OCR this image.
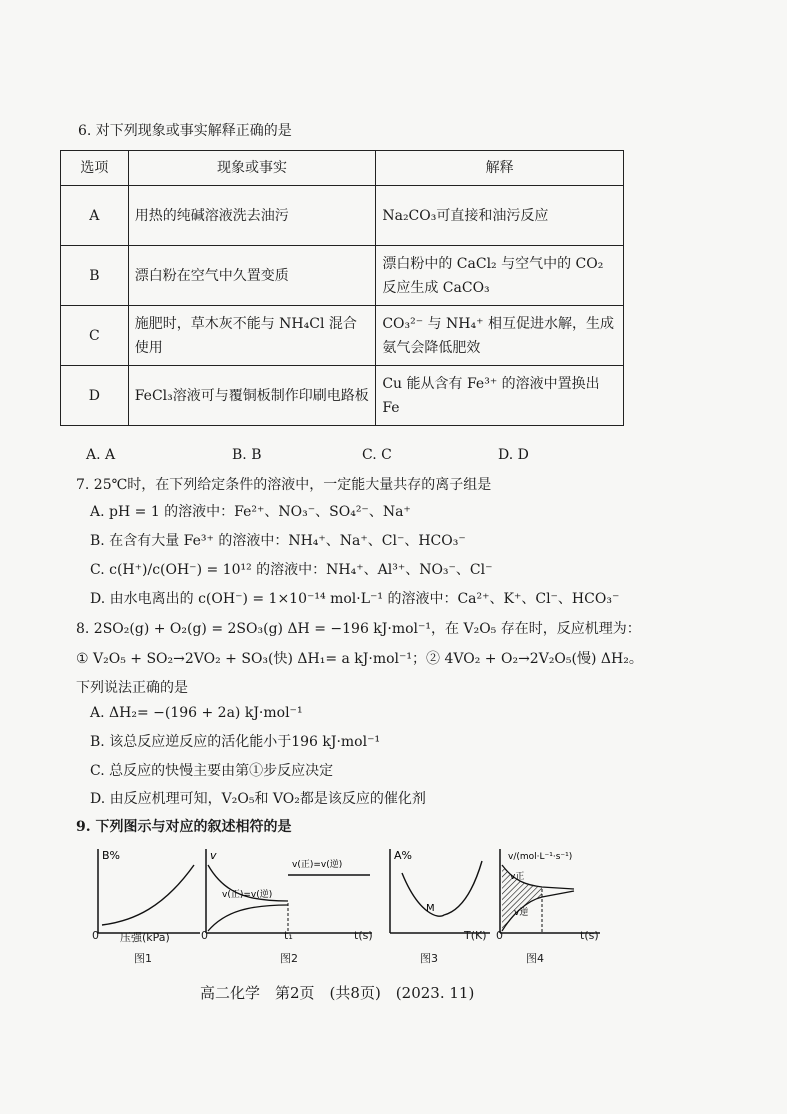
6. 对下列现象或事实解释正确的是
选项	现象或事实	解释
A	用热的纯碱溶液洗去油污	Na₂CO₃可直接和油污反应
B	漂白粉在空气中久置变质	漂白粉中的 CaCl₂ 与空气中的 CO₂ 反应生成 CaCO₃
C	施肥时，草木灰不能与 NH₄Cl 混合使用	CO₃²⁻ 与 NH₄⁺ 相互促进水解，生成氨气会降低肥效
D	FeCl₃溶液可与覆铜板制作印刷电路板	Cu 能从含有 Fe³⁺ 的溶液中置换出 Fe
A. A	B. B	C. C	D. D
7. 25℃时，在下列给定条件的溶液中，一定能大量共存的离子组是
A. pH = 1 的溶液中：Fe²⁺、NO₃⁻、SO₄²⁻、Na⁺
B. 在含有大量 Fe³⁺ 的溶液中：NH₄⁺、Na⁺、Cl⁻、HCO₃⁻
C. c(H⁺)/c(OH⁻) = 10¹² 的溶液中：NH₄⁺、Al³⁺、NO₃⁻、Cl⁻
D. 由水电离出的 c(OH⁻) = 1×10⁻¹⁴ mol·L⁻¹ 的溶液中：Ca²⁺、K⁺、Cl⁻、HCO₃⁻
8. 2SO₂(g) + O₂(g) = 2SO₃(g) ΔH = −196 kJ·mol⁻¹，在 V₂O₅ 存在时，反应机理为：
① V₂O₅ + SO₂→2VO₂ + SO₃(快) ΔH₁= a kJ·mol⁻¹；② 4VO₂ + O₂→2V₂O₅(慢) ΔH₂。
下列说法正确的是
A. ΔH₂= −(196 + 2a) kJ·mol⁻¹
B. 该总反应逆反应的活化能小于196 kJ·mol⁻¹
C. 总反应的快慢主要由第①步反应决定
D. 由反应机理可知，V₂O₅和 VO₂都是该反应的催化剂
9. 下列图示与对应的叙述相符的是
B%
压强(kPa)
0
图1
v
v(正)=v(逆)
v(正)=v(逆)
0	t₁	t(s)
图2
A%
M
T(K)
图3
v/(mol·L⁻¹·s⁻¹)
v正
v逆
0	t(s)
图4
高二化学　第2页　(共8页)　(2023. 11)
